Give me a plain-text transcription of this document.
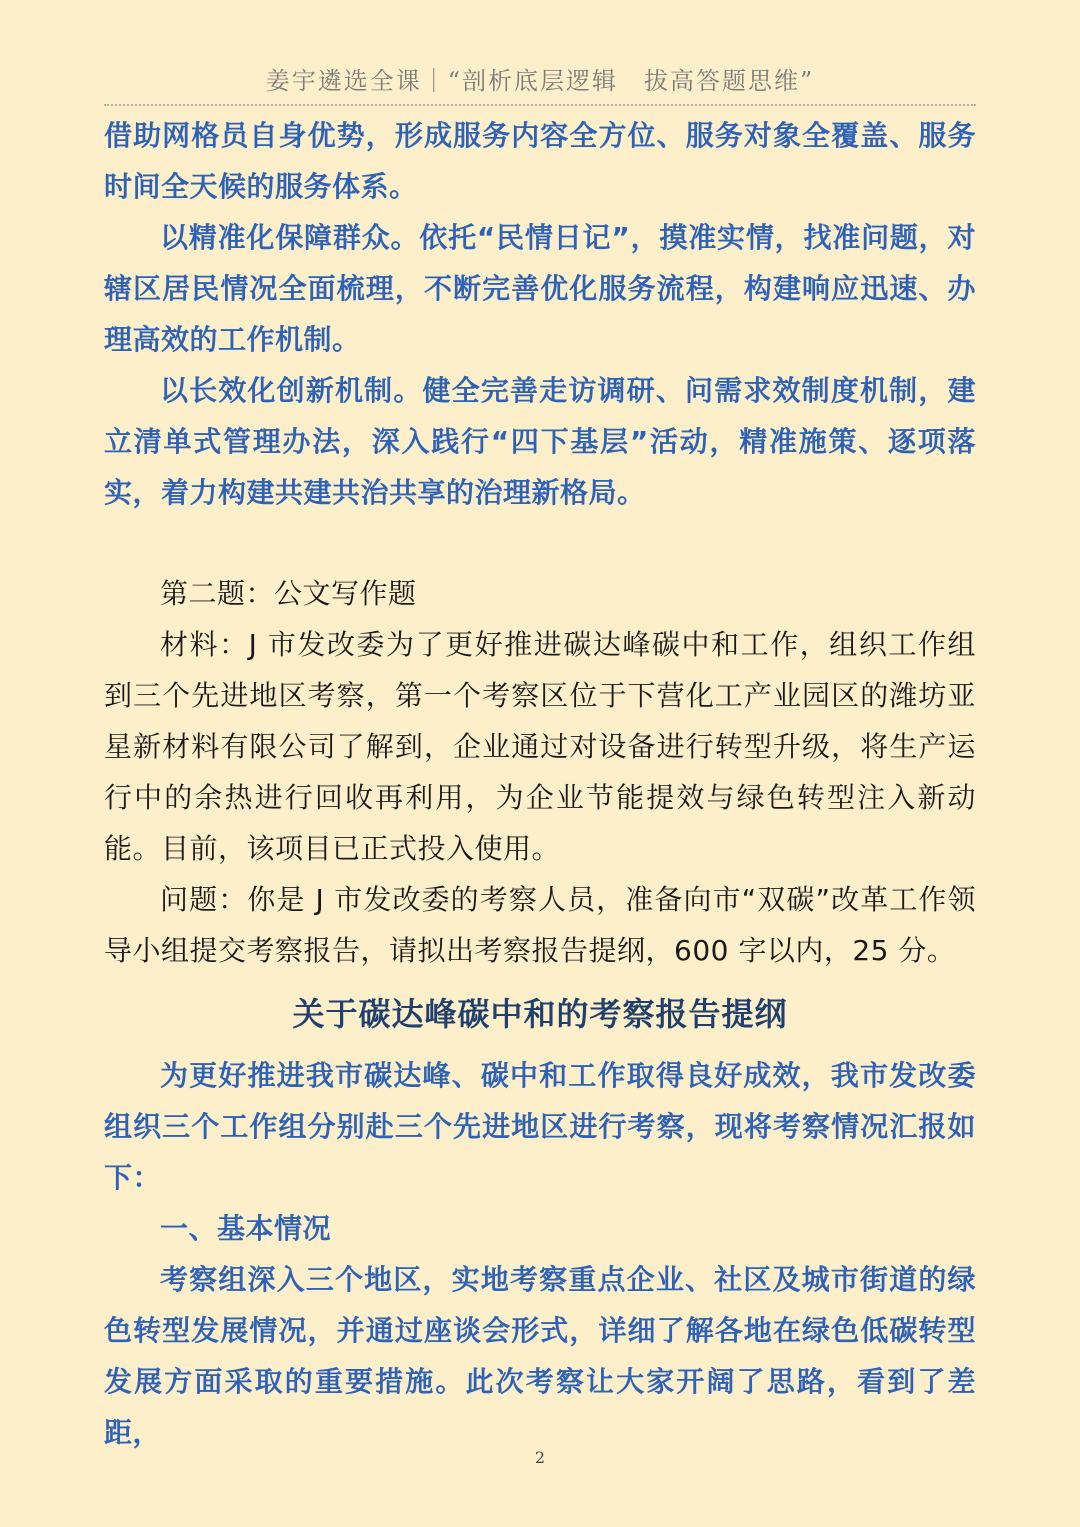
姜宇遴选全课｜“剖析底层逻辑　拔高答题思维”

借助网格员自身优势，形成服务内容全方位、服务对象全覆盖、服务时间全天候的服务体系。

以精准化保障群众。依托“民情日记”，摸准实情，找准问题，对辖区居民情况全面梳理，不断完善优化服务流程，构建响应迅速、办理高效的工作机制。

以长效化创新机制。健全完善走访调研、问需求效制度机制，建立清单式管理办法，深入践行“四下基层”活动，精准施策、逐项落实，着力构建共建共治共享的治理新格局。

第二题：公文写作题

材料：J 市发改委为了更好推进碳达峰碳中和工作，组织工作组到三个先进地区考察，第一个考察区位于下营化工产业园区的潍坊亚星新材料有限公司了解到，企业通过对设备进行转型升级，将生产运行中的余热进行回收再利用，为企业节能提效与绿色转型注入新动能。目前，该项目已正式投入使用。

问题：你是 J 市发改委的考察人员，准备向市“双碳”改革工作领导小组提交考察报告，请拟出考察报告提纲，600 字以内，25 分。

关于碳达峰碳中和的考察报告提纲

为更好推进我市碳达峰、碳中和工作取得良好成效，我市发改委组织三个工作组分别赴三个先进地区进行考察，现将考察情况汇报如下：

一、基本情况

考察组深入三个地区，实地考察重点企业、社区及城市街道的绿色转型发展情况，并通过座谈会形式，详细了解各地在绿色低碳转型发展方面采取的重要措施。此次考察让大家开阔了思路，看到了差距，

2
